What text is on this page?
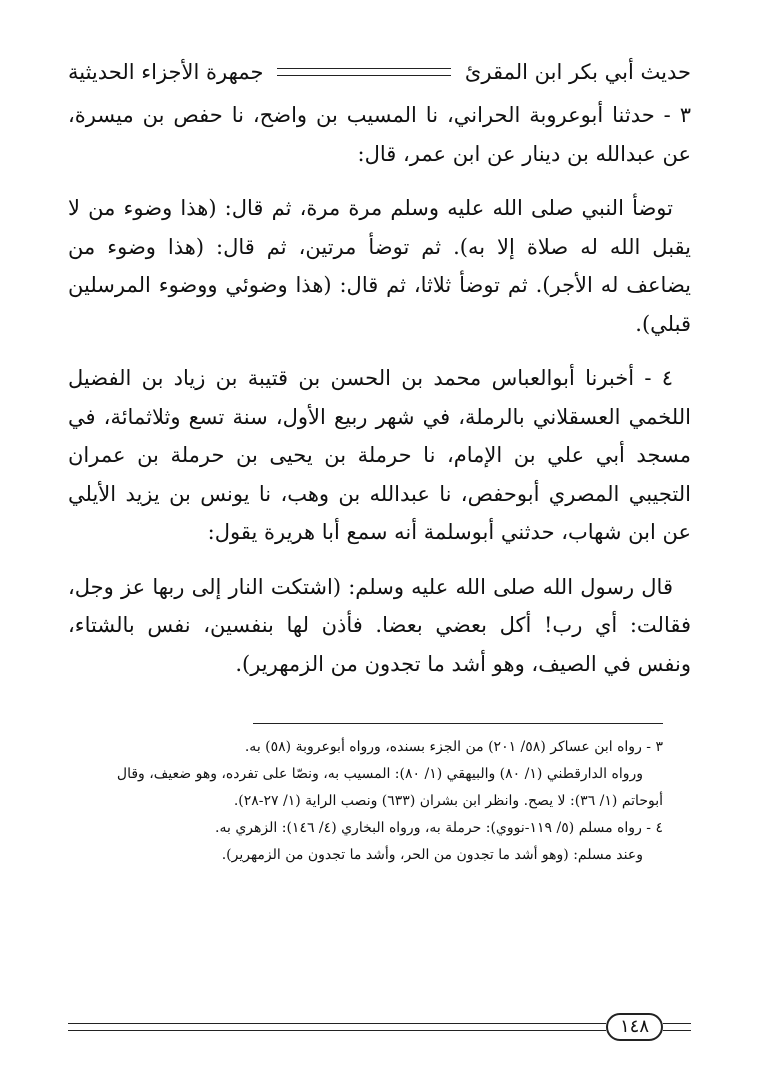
حديث أبي بكر ابن المقرئ
جمهرة الأجزاء الحديثية

٣ - حدثنا أبوعروبة الحراني، نا المسيب بن واضح، نا حفص بن ميسرة، عن عبدالله بن دينار عن ابن عمر، قال:

توضأ النبي صلى الله عليه وسلم مرة مرة، ثم قال: (هذا وضوء من لا يقبل الله له صلاة إلا به). ثم توضأ مرتين، ثم قال: (هذا وضوء من يضاعف له الأجر). ثم توضأ ثلاثا، ثم قال: (هذا وضوئي ووضوء المرسلين قبلي).

٤ - أخبرنا أبوالعباس محمد بن الحسن بن قتيبة بن زياد بن الفضيل اللخمي العسقلاني بالرملة، في شهر ربيع الأول، سنة تسع وثلاثمائة، في مسجد أبي علي بن الإمام، نا حرملة بن يحيى بن حرملة بن عمران التجيبي المصري أبوحفص، نا عبدالله بن وهب، نا يونس بن يزيد الأيلي عن ابن شهاب، حدثني أبوسلمة أنه سمع أبا هريرة يقول:

قال رسول الله صلى الله عليه وسلم: (اشتكت النار إلى ربها عز وجل، فقالت: أي رب! أكل بعضي بعضا. فأذن لها بنفسين، نفس بالشتاء، ونفس في الصيف، وهو أشد ما تجدون من الزمهرير).

٣ - رواه ابن عساكر (٥٨/ ٢٠١) من الجزء بسنده، ورواه أبوعروبة (٥٨) به.

ورواه الدارقطني (١/ ٨٠) والبيهقي (١/ ٨٠): المسيب به، ونصّا على تفرده، وهو ضعيف، وقال أبوحاتم (١/ ٣٦): لا يصح. وانظر ابن بشران (٦٣٣) ونصب الراية (١/ ٢٧-٢٨).

٤ - رواه مسلم (٥/ ١١٩-نووي): حرملة به، ورواه البخاري (٤/ ١٤٦): الزهري به.

وعند مسلم: (وهو أشد ما تجدون من الحر، وأشد ما تجدون من الزمهرير).

١٤٨
